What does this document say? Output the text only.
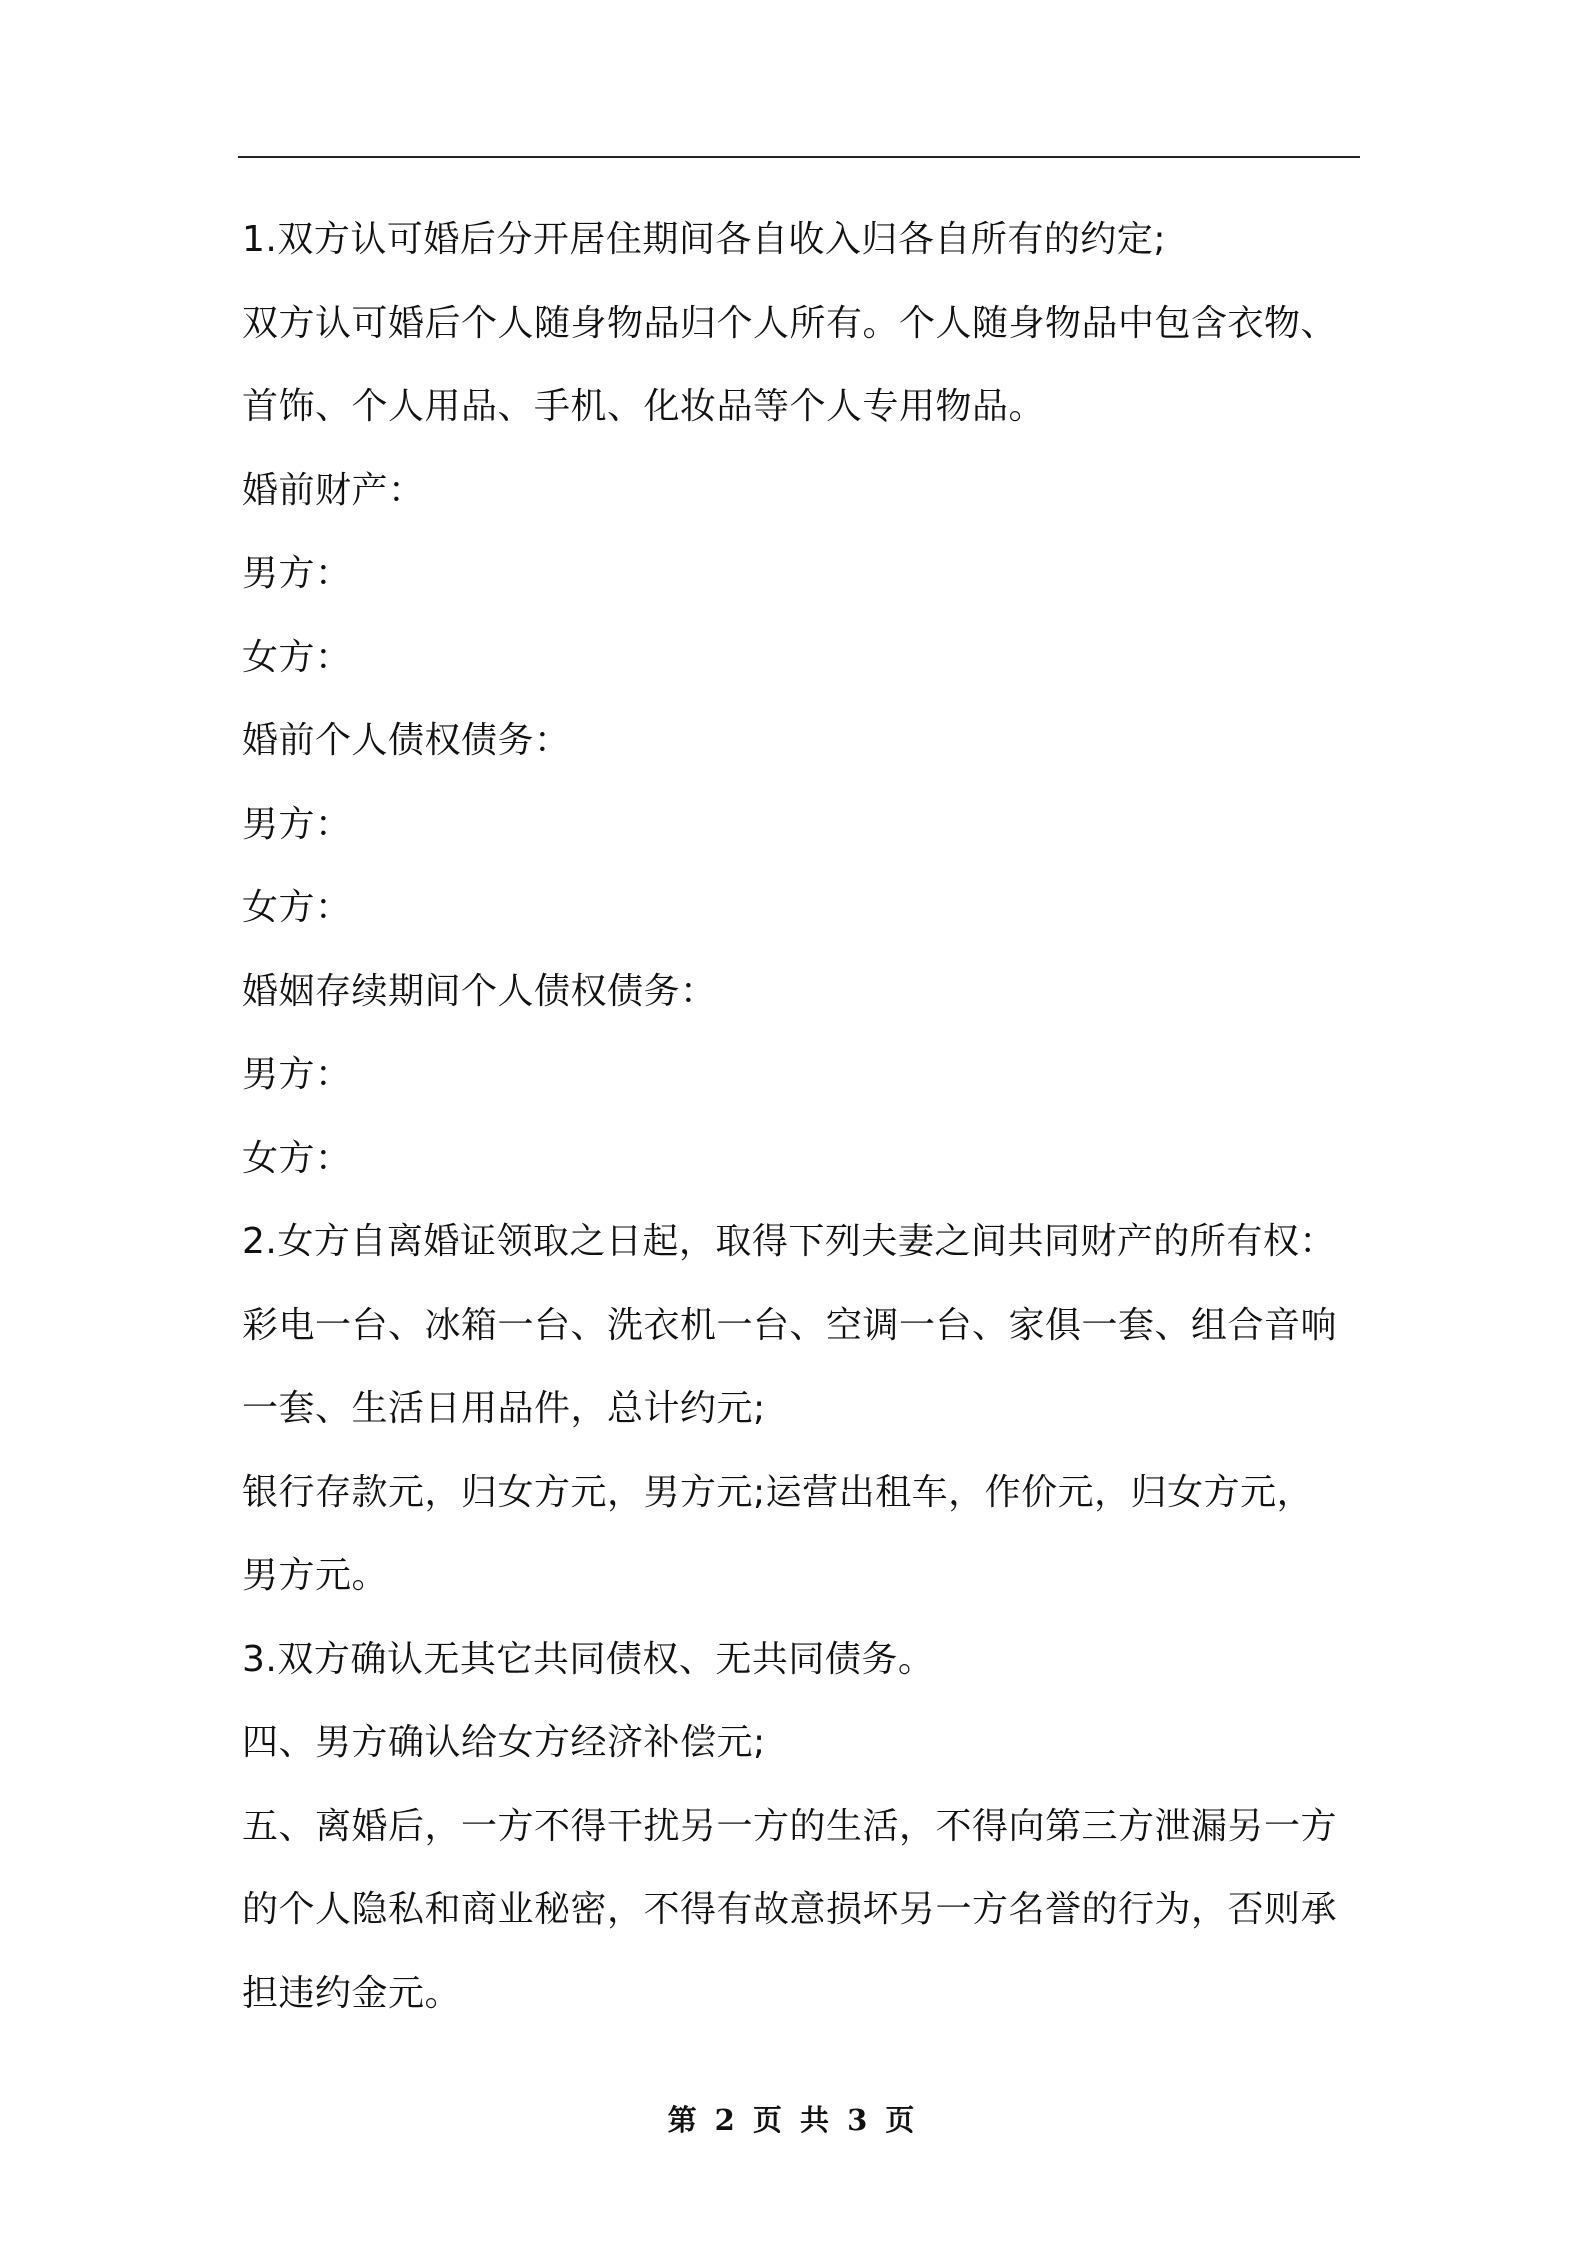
1.双方认可婚后分开居住期间各自收入归各自所有的约定;
双方认可婚后个人随身物品归个人所有。个人随身物品中包含衣物、
首饰、个人用品、手机、化妆品等个人专用物品。
婚前财产：
男方：
女方：
婚前个人债权债务：
男方：
女方：
婚姻存续期间个人债权债务：
男方：
女方：
2.女方自离婚证领取之日起，取得下列夫妻之间共同财产的所有权：
彩电一台、冰箱一台、洗衣机一台、空调一台、家俱一套、组合音响
一套、生活日用品件，总计约元;
银行存款元，归女方元，男方元;运营出租车，作价元，归女方元，
男方元。
3.双方确认无其它共同债权、无共同债务。
四、男方确认给女方经济补偿元;
五、离婚后，一方不得干扰另一方的生活，不得向第三方泄漏另一方
的个人隐私和商业秘密，不得有故意损坏另一方名誉的行为，否则承
担违约金元。
第 2 页 共 3 页
